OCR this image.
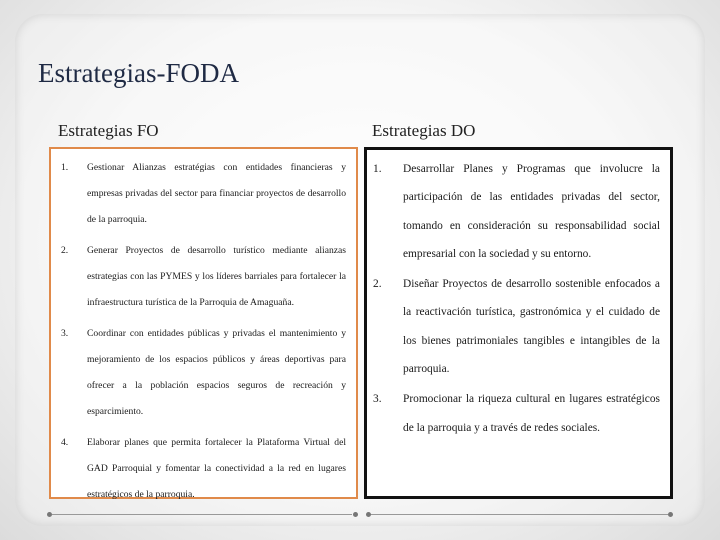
Estrategias-FODA
Estrategias FO	Estrategias DO
1. Gestionar Alianzas estratégias con entidades financieras y empresas privadas del sector para financiar proyectos de desarrollo de la parroquia.
2. Generar Proyectos de desarrollo turístico mediante alianzas estrategias con las PYMES y los líderes barriales para fortalecer la infraestructura turística de la Parroquia de Amaguaña.
3. Coordinar con entidades públicas y privadas el mantenimiento y mejoramiento de los espacios públicos y áreas deportivas para ofrecer a la población espacios seguros de recreación y esparcimiento.
4. Elaborar planes que permita fortalecer la Plataforma Virtual del GAD Parroquial y fomentar la conectividad a la red en lugares estratégicos de la parroquia.
1. Desarrollar Planes y Programas que involucre la participación de las entidades privadas del sector, tomando en consideración su responsabilidad social empresarial con la sociedad y su entorno.
2. Diseñar Proyectos de desarrollo sostenible enfocados a la reactivación turística, gastronómica y el cuidado de los bienes patrimoniales tangibles e intangibles de la parroquia.
3. Promocionar la riqueza cultural en lugares estratégicos de la parroquia y a través de redes sociales.
